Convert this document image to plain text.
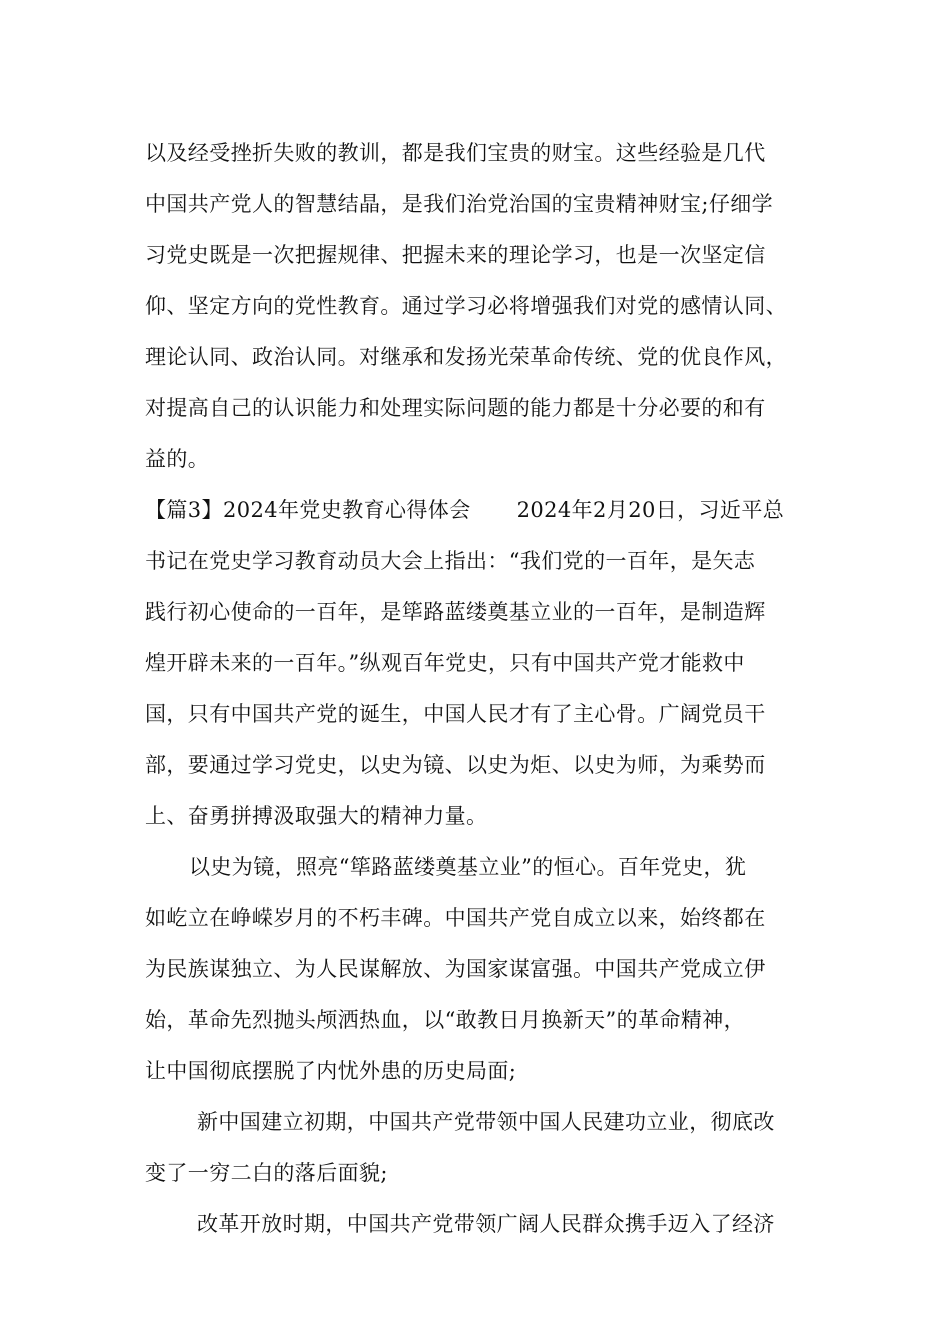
以及经受挫折失败的教训，都是我们宝贵的财宝。这些经验是几代
中国共产党人的智慧结晶，是我们治党治国的宝贵精神财宝;仔细学
习党史既是一次把握规律、把握未来的理论学习，也是一次坚定信
仰、坚定方向的党性教育。通过学习必将增强我们对党的感情认同、
理论认同、政治认同。对继承和发扬光荣革命传统、党的优良作风，
对提高自己的认识能力和处理实际问题的能力都是十分必要的和有
益的。

【篇3】2024年党史教育心得体会 2024年2月20日，习近平总
书记在党史学习教育动员大会上指出：“我们党的一百年，是矢志
践行初心使命的一百年，是筚路蓝缕奠基立业的一百年，是制造辉
煌开辟未来的一百年。”纵观百年党史，只有中国共产党才能救中
国，只有中国共产党的诞生，中国人民才有了主心骨。广阔党员干
部，要通过学习党史，以史为镜、以史为炬、以史为师，为乘势而
上、奋勇拼搏汲取强大的精神力量。

以史为镜，照亮“筚路蓝缕奠基立业”的恒心。百年党史，犹
如屹立在峥嵘岁月的不朽丰碑。中国共产党自成立以来，始终都在
为民族谋独立、为人民谋解放、为国家谋富强。中国共产党成立伊
始，革命先烈抛头颅洒热血，以“敢教日月换新天”的革命精神，
让中国彻底摆脱了内忧外患的历史局面;

新中国建立初期，中国共产党带领中国人民建功立业，彻底改
变了一穷二白的落后面貌;

改革开放时期，中国共产党带领广阔人民群众携手迈入了经济
